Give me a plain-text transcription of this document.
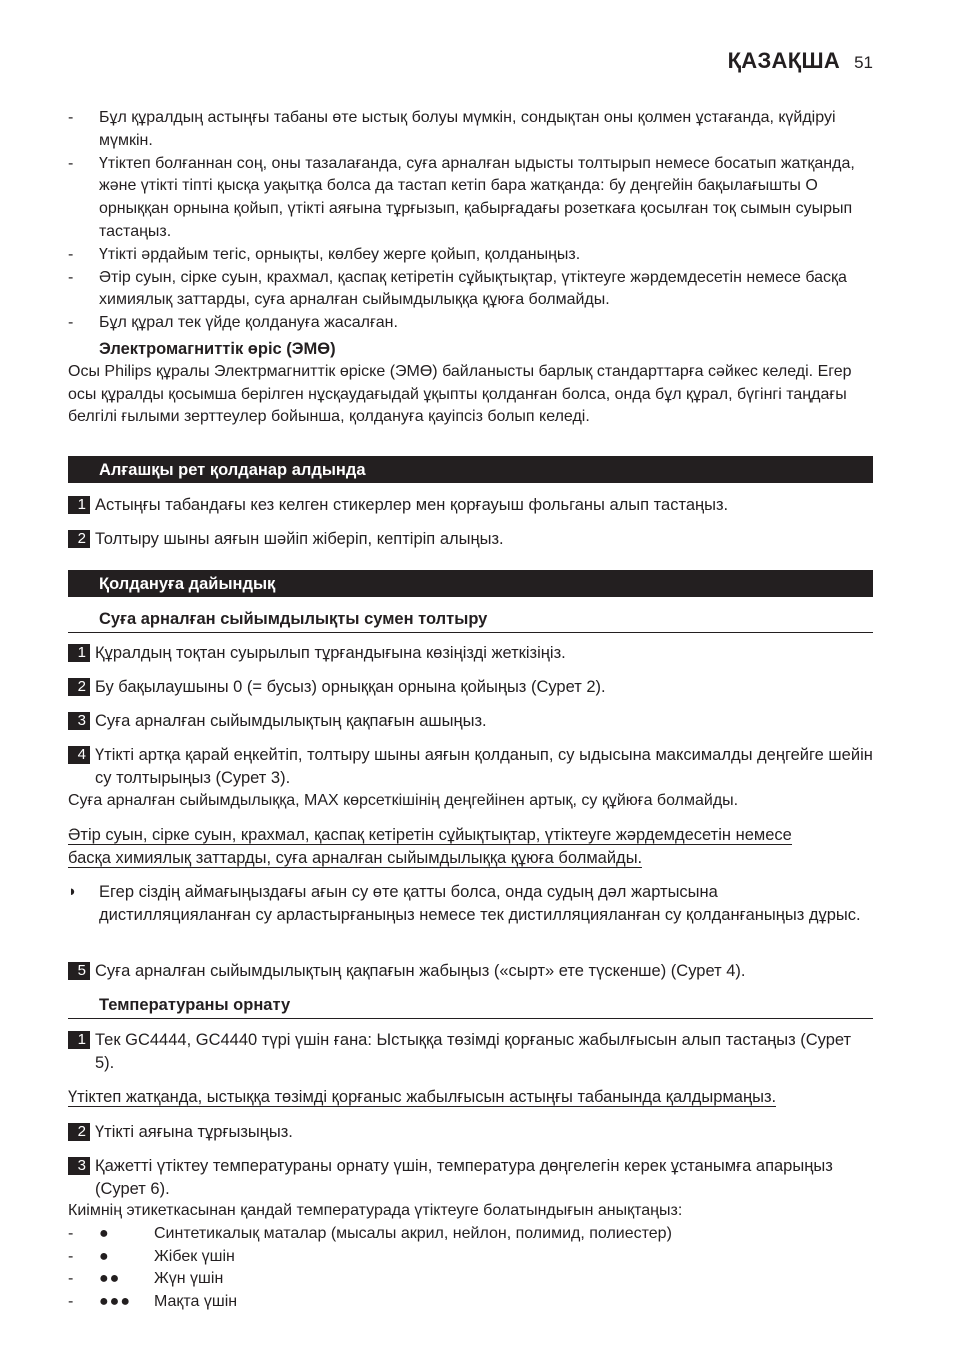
ҚАЗАҚША 51
-	Бұл құралдың астыңғы табаны өте ыстық болуы мүмкін, сондықтан оны қолмен ұстағанда, күйдіруі мүмкін.
-	Үтіктеп болғаннан соң, оны тазалағанда, суға арналған ыдысты толтырып немесе босатып жатқанда, және үтікті тіпті қысқа уақытқа болса да тастап кетіп бара жатқанда: бу деңгейін бақылағышты O орныққан орнына қойып, үтікті аяғына тұрғызып, қабырғадағы розеткаға қосылған тоқ сымын суырып тастаңыз.
-	Үтікті әрдайым тегіс, орнықты, көлбеу жерге қойып, қолданыңыз.
-	Әтір суын, сірке суын, крахмал, қаспақ кетіретін сұйықтықтар, үтіктеуге жәрдемдесетін немесе басқа химиялық заттарды, суға арналған сыйымдылыққа құюға болмайды.
-	Бұл құрал тек үйде қолдануға жасалған.
Электромагниттік өріс (ЭМӨ)
Осы Philips құралы Электрмагниттік өріске (ЭМӨ) байланысты барлық стандарттарға сәйкес келеді. Егер осы құралды қосымша берілген нұсқаудағыдай ұқыпты қолданған болса, онда бұл құрал, бүгінгі таңдағы белгілі ғылыми зерттеулер бойынша, қолдануға қауіпсіз болып келеді.
Алғашқы рет қолданар алдында
1 Астыңғы табандағы кез келген стикерлер мен қорғауыш фольганы алып тастаңыз.
2 Толтыру шыны аяғын шәйіп жіберіп, кептіріп алыңыз.
Қолдануға дайындық
Суға арналған сыйымдылықты сумен толтыру
1 Құралдың тоқтан суырылып тұрғандығына көзіңізді жеткізіңіз.
2 Бу бақылаушыны 0 (= бусыз) орныққан орнына қойыңыз (Сурет 2).
3 Суға арналған сыйымдылықтың қақпағын ашыңыз.
4 Үтікті артқа қарай еңкейтіп, толтыру шыны аяғын қолданып, су ыдысына максималды деңгейге шейін су толтырыңыз (Сурет 3).
Суға арналған сыйымдылыққа, MAX көрсеткішінің деңгейінен артық, су құйюға болмайды.
Әтір суын, сірке суын, крахмал, қаспақ кетіретін сұйықтықтар, үтіктеуге жәрдемдесетін немесе басқа химиялық заттарды, суға арналған сыйымдылыққа құюға болмайды.
◗	Егер сіздің аймағыңыздағы ағын су өте қатты болса, онда судың дәл жартысына дистилляцияланған су арластырғаныңыз немесе тек дистилляцияланған су қолданғаныңыз дұрыс.
5 Суға арналған сыйымдылықтың қақпағын жабыңыз («сырт» ете түскенше) (Сурет 4).
Температураны орнату
1 Тек GC4444, GC4440 түрі үшін ғана: Ыстыққа төзімді қорғаныс жабылғысын алып тастаңыз (Сурет 5).
Үтіктеп жатқанда, ыстыққа төзімді қорғаныс жабылғысын астыңғы табанында қалдырмаңыз.
2 Үтікті аяғына тұрғызыңыз.
3 Қажетті үтіктеу температураны орнату үшін, температура дөңгелегін керек ұстанымға апарыңыз (Сурет 6).
Киімнің этикеткасынан қандай температурада үтіктеуге болатындығын анықтаңыз:
-	●	Синтетикалық маталар (мысалы акрил, нейлон, полимид, полиестер)
-	●	Жібек үшін
-	●●	Жүн үшін
-	●●●	Мақта үшін
